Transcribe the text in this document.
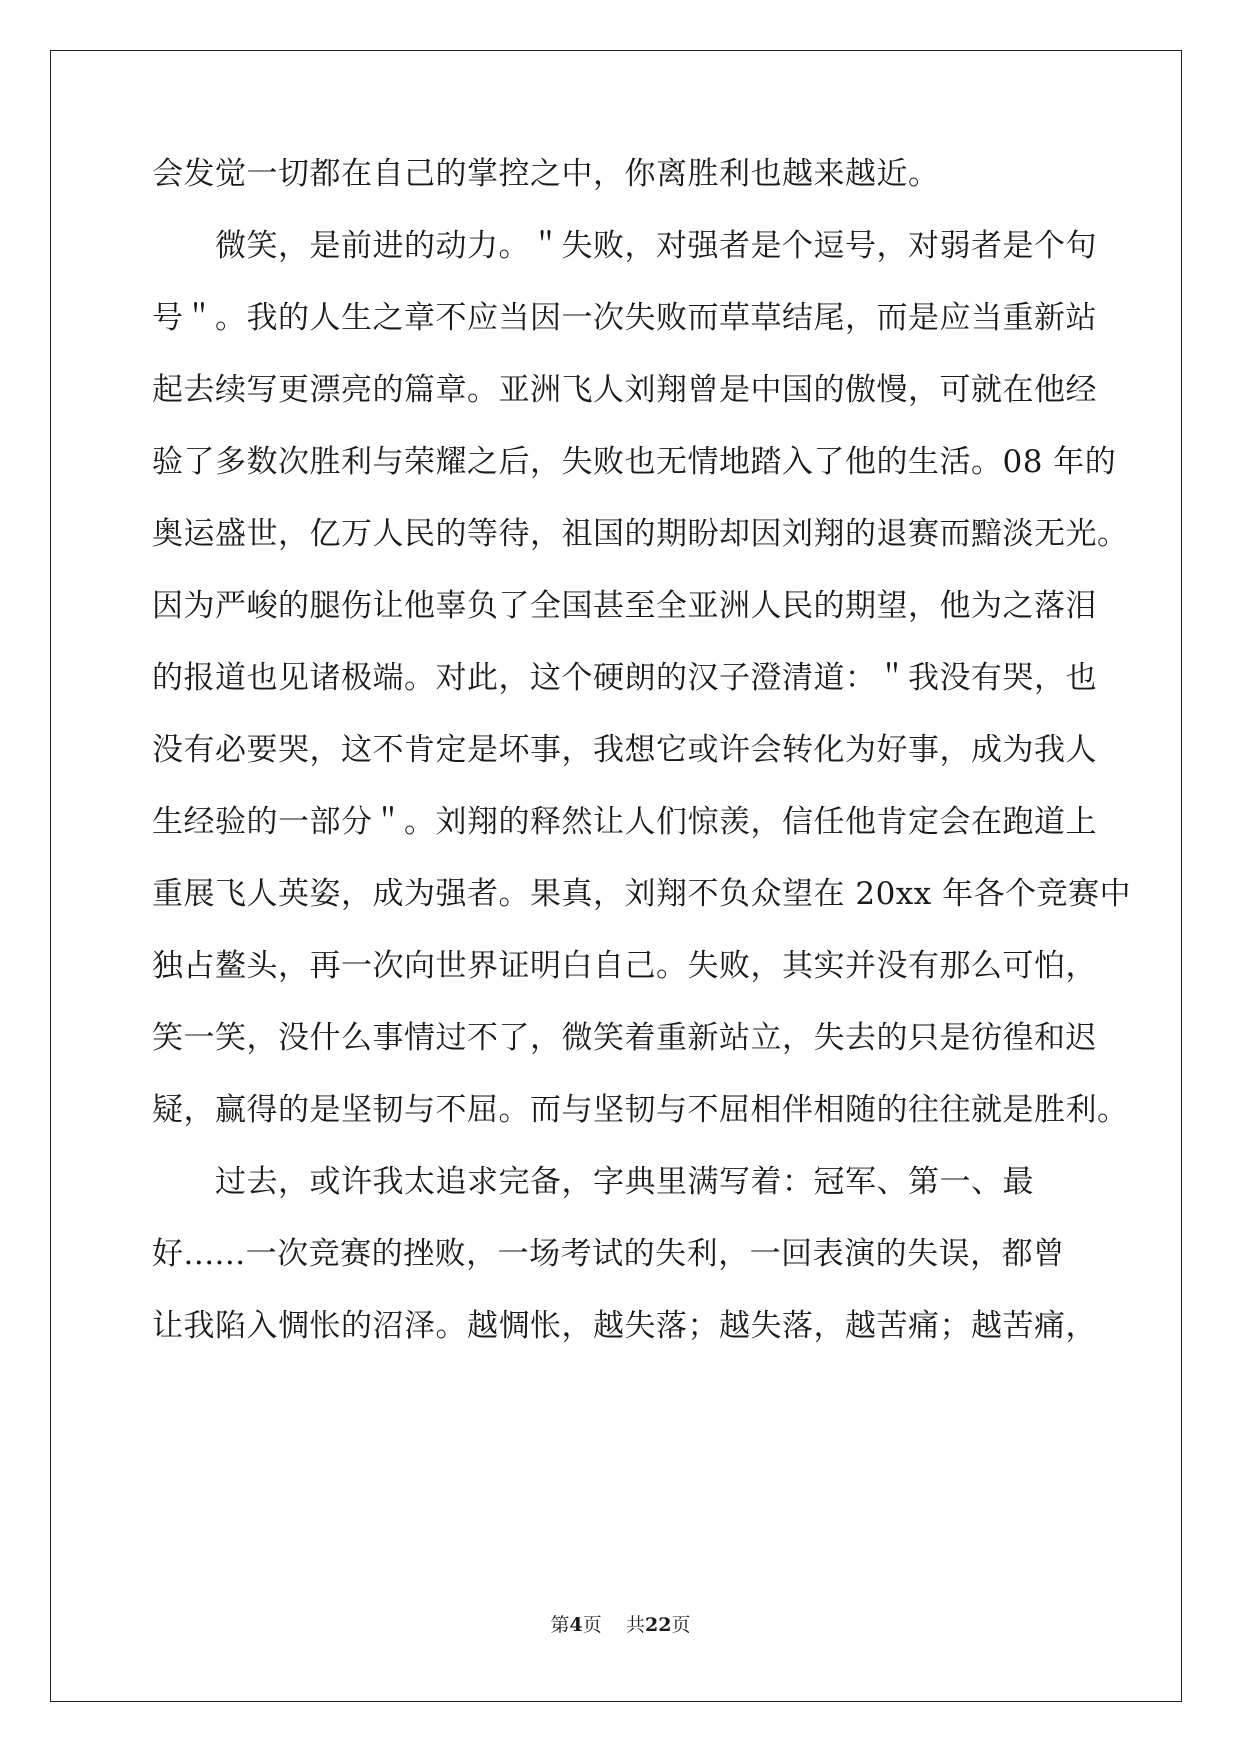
会发觉一切都在自己的掌控之中，你离胜利也越来越近。
　　微笑，是前进的动力。＂失败，对强者是个逗号，对弱者是个句
号＂。我的人生之章不应当因一次失败而草草结尾，而是应当重新站
起去续写更漂亮的篇章。亚洲飞人刘翔曾是中国的傲慢，可就在他经
验了多数次胜利与荣耀之后，失败也无情地踏入了他的生活。08 年的
奥运盛世，亿万人民的等待，祖国的期盼却因刘翔的退赛而黯淡无光。
因为严峻的腿伤让他辜负了全国甚至全亚洲人民的期望，他为之落泪
的报道也见诸极端。对此，这个硬朗的汉子澄清道：＂我没有哭，也
没有必要哭，这不肯定是坏事，我想它或许会转化为好事，成为我人
生经验的一部分＂。刘翔的释然让人们惊羡，信任他肯定会在跑道上
重展飞人英姿，成为强者。果真，刘翔不负众望在 20xx 年各个竞赛中
独占鳌头，再一次向世界证明白自己。失败，其实并没有那么可怕，
笑一笑，没什么事情过不了，微笑着重新站立，失去的只是彷徨和迟
疑，赢得的是坚韧与不屈。而与坚韧与不屈相伴相随的往往就是胜利。
　　过去，或许我太追求完备，字典里满写着：冠军、第一、最
好......一次竞赛的挫败，一场考试的失利，一回表演的失误，都曾
让我陷入惆怅的沼泽。越惆怅，越失落；越失落，越苦痛；越苦痛，
第4页 共22页
